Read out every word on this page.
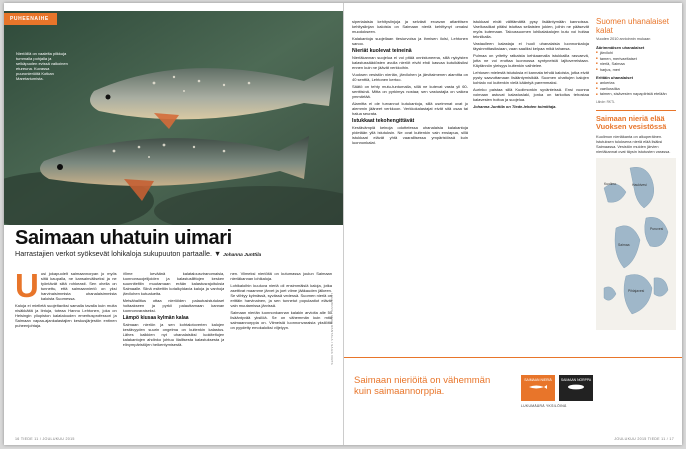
PUHEENAIHE
Nieriöillä on vaalelta pilkkuja tummalla pohjalla ja selkäpuolen evissä valkoinen etureuna. Kuvassa puuronieriöitä Kotkan Maretariumista.
Saimaan uhatuin uimari
Harrastajien verkot syöksevät lohikaloja sukupuuton partaalle. ▼ Johanna Junttila
U usi jokapuolelt saimaannorpan jo myös siitä kaupalla, ne kansainväliseksi ja ne työntävät siitä rohkeasti. Sen ohella on tunnettu, että saimaannieriö on yksi harvinaisimmista uhanalaisimmista kaloista Suomessa.

Kaloja ei mielletä suojeltaviksi samalla tavalla kuin muita nisäkkäitä ja lintuja, toteaa Hannu Lehtonen, joka on Helsingin yliopiston kalatalouden emeritusprofessori ja Saimaan vapaa-ajankalastajien keskusjärjestön entinen puheenjohtaja.

Viime keväänä kalatalousviranomaisia, luonnonsuojelijoiden ja kalastusliittojen kesken suunniteltiin muutamaan erään kalastusrajoituksia Saimaalle. Siinä esitettiin kotalkyldavia kaloja ja vanhoja järvilohen kutualueita.

Metsähallitus ottaa nieriöiden palautusistutukset hoitaakseen ja pyrkii palauttamaan kannan luonnonvaraiseksi.

Lämpö kiusaa kylmän kalaa

Saimaan nieriön ja sen kohtalotoverien kalojen kestävyyden suurin ongelma on kuitenkin kalastus. Lähes kaikkien nyt uhanalaisiksi luokiteltujen kalakantojen ahdinko johtuu liiallisesta kalastuksesta ja elinympäristöjen heikentymisestä.

nen. Viimeksi nieriöitä on kutumassa joulun Saimaan nieriäkannan lohikaloja.

Lohikaloihin kuuluva nieriä oli ensimmäisiä kaloja, jotka asettivat maamme järvet ja joet viime jääkauden jälkeen. Se viihtyy kylmässä, syvässä vedessä. Suomen nieriä on erittäin harvinainen, ja sen tunnetut populaatiot elävät vain muutamissa järvissä.

Saimaan nieriän luonnonkannan kalakin arvioita alle 50 lisääntyvää yksilöä. Se on vähemmän kuin mitä saimaannorppia on. Viimeisiä luonnonvaraisia yksilöitä on pyydetty emokaloiksi viljelyyn.	LEHTIKUVA / MARI RANTALA / SAIJA VIRTA
16 TIEDE 11 / JOULUKUU 2015

siperialaisia kehityslinjoja ja selvästi eroavan atlanttisen kehityslinjan kaloista on Saimaan nieriä kehittynyt omaksi muodokseen.

Kalakantoja suojellaan tiesiurvoisa ja ihmisen ilolsi, Lehtonen sanoo.

Nieriät kuolevat teineinä

Nieriäkannan suojelua ei voi pitää onnistuneena, sillä nykyisten kalastussäädösten avulla nieriöt eivät ehdi kasvaa kutuikäisiksi ennen kuin ne jäävät verkkoihin.

Vuoksen vesistön nieriän, järvilohen ja järvitaimenen alamitta on 40 senttiä, Lehtonen kertoo.

Säätö on tehty mutu-tuntumalla, sillä ne kutevat vasta yli 60-senttisinä. Mitta on pyrkimys nostaa; sen vastustajia on vaikea ymmärtää.

Alamitta ei ole turvannut kutukantoja, sillä useimmat ovat jo aiemmin jääneet verkkoon. Verkkokalastajat eivät sitä osaa tai halua seurata.

Istukkaat tekohengittävät

Kestävämpiä keinoja odottelessa uhanalaisia kalakantoja pidetään yllä istutuksin. Ne ovat kuitenkin vain ensiapua, sillä istukkaat elävät yhtä vaarallisessa ympäristössä kuin luonnonkalat.

istukkaat eivät välttämättä pysy lisääntymään kannoissa. Vaellussiikat pitäisi istuttaa sellaisten jokien, joihin ne pääsevät myös kutemaan. Taloussuomen lohikalakalojen kutu voi hoitaa tekniikalla.

Vastaulleen kalastaja ei huoli uhanalaisia luonnonkaloja täysinmittasiksiaan, vaan saaliksi kelpaa mikä tahansa.

Pulmaa on yritetty ratkaista kehkaamalla istukkailla rasvaevä, jotta ne voi erottaa luonnossa syntyneistä lajitovereistaan. Käytännön yleisyys kuitenkin vaihtelee.

Lehtosen mielestä istutuksia ei kannata tehdä kaloista, jotka eivät pysty saavuttamaan lisääntymisikää. Suomen uhattujen kalojen kohtalo voi kuitenkin vielä kääntyä paremmaksi.

Aurinko paistaa sillä Kuolimonkin syvänteissä. Ensi vuonna voimaan astuvat kalastuslaki, jonka on tarkoitus tehostaa kalavesien hoitoa ja suojelua.

Johanna Junttila on Tiede-lehden toimittaja.

Saimaan nieriöitä on vähemmän kuin saimaannorppia.
SAIMAAN NIERIÄ	SAIMAAN NORPPA
LUKUMÄÄRÄ YKSILÖINÄ
Suomen uhanalaiset kalat
Vuoden 2010 arvioinnin mukaan
Äärimmäisen uhanalaiset
■ järvilohi
■ tamen, merivaeltaiset
■ nieriä, Saimaa
■ harjus, meri
Erittäin uhanalaiset
■ ankerias
■ vaellussiika
■ taimen, sisävesien napapiiristä etelään
Lähde: RKTL
Saimaan nieriä elää Vuoksen vesistössä
Kuolimon nieriäkanta on alkuperäinen. Istutuksen tuloksena nieriä elää lisäksi Saimaassa. Vesistön muiden järvien nieriäkannat ovat täysin istutusten varassa.
Kuolimo
Puruvesi
Pihlajavesi
Haukivesi
Saimaa
JOULUKUU 2015 TIEDE 11 / 17
